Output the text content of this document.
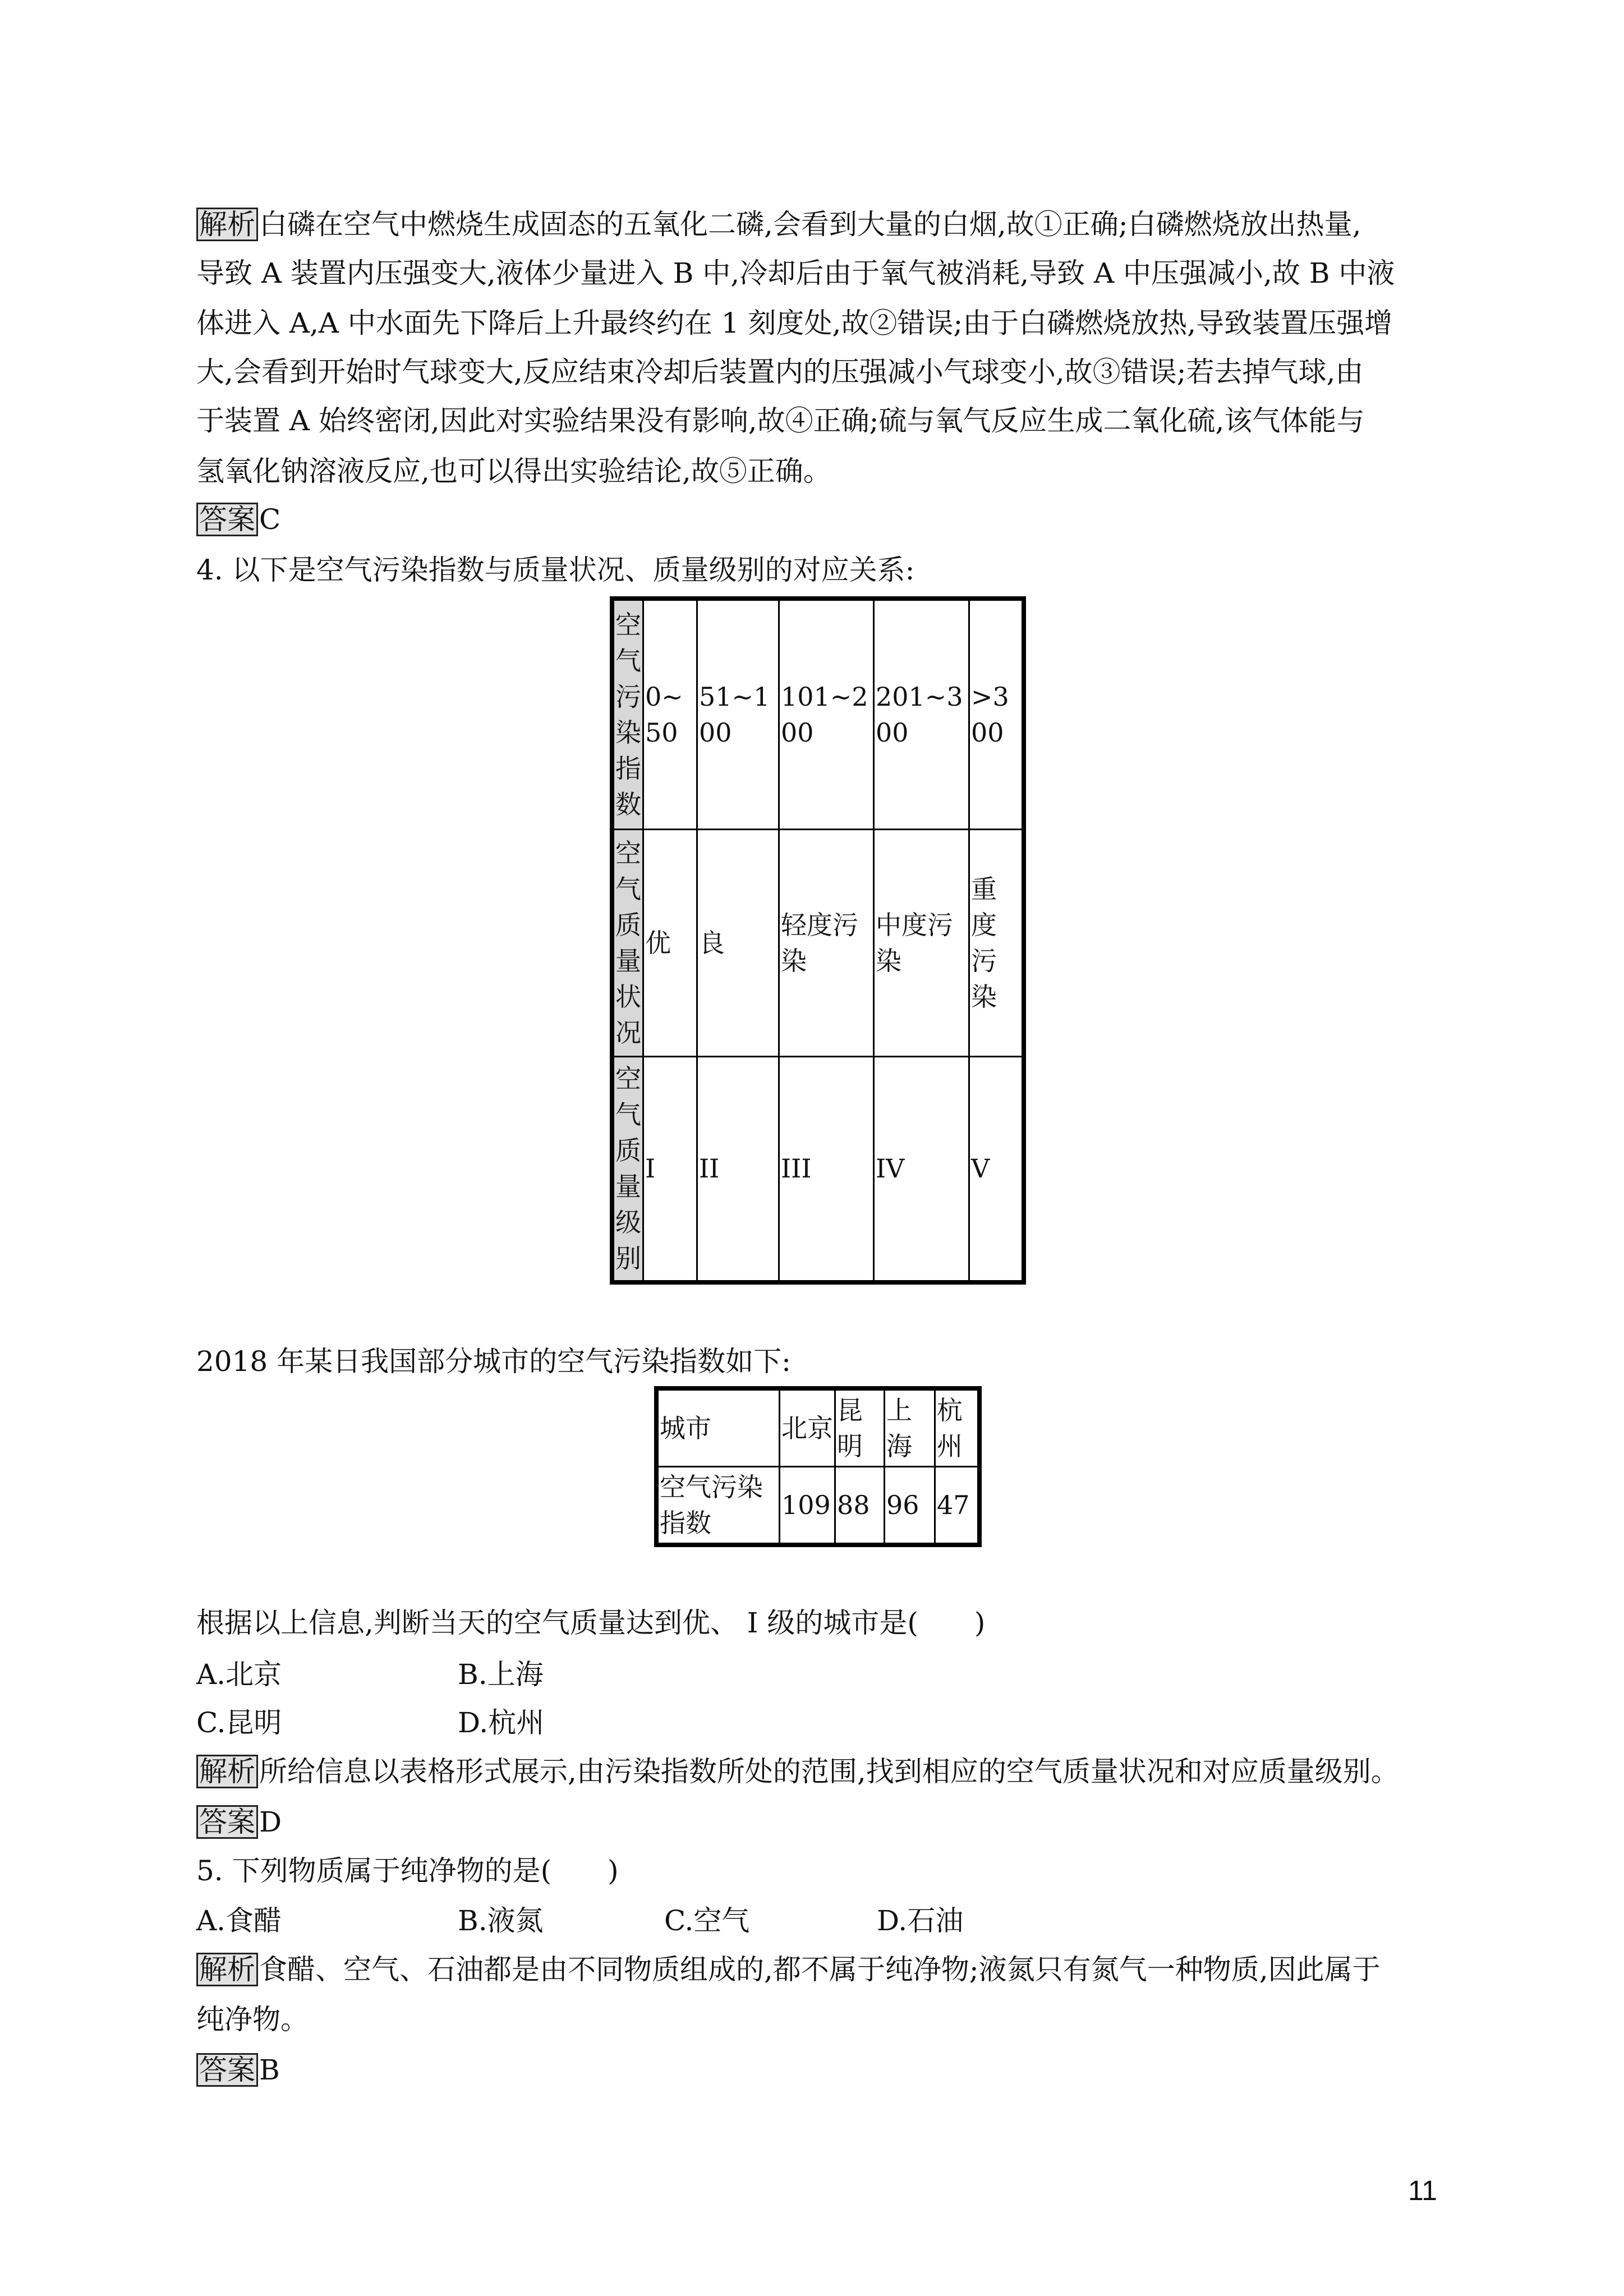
解析 白磷在空气中燃烧生成固态的五氧化二磷,会看到大量的白烟,故①正确;白磷燃烧放出热量,
导致 A 装置内压强变大,液体少量进入 B 中,冷却后由于氧气被消耗,导致 A 中压强减小,故 B 中液
体进入 A,A 中水面先下降后上升最终约在 1 刻度处,故②错误;由于白磷燃烧放热,导致装置压强增
大,会看到开始时气球变大,反应结束冷却后装置内的压强减小气球变小,故③错误;若去掉气球,由
于装置 A 始终密闭,因此对实验结果没有影响,故④正确;硫与氧气反应生成二氧化硫,该气体能与
氢氧化钠溶液反应,也可以得出实验结论,故⑤正确。
答案 C
4. 以下是空气污染指数与质量状况、质量级别的对应关系:
空气污染指数	0~50	51~100	101~200	201~300	>300
空气质量状况	优	良	轻度污染	中度污染	重度污染
空气质量级别	I	II	III	IV	V
2018 年某日我国部分城市的空气污染指数如下:
城市	北京	昆明	上海	杭州
空气污染指数	109	88	96	47
根据以上信息,判断当天的空气质量达到优、 I 级的城市是(　　)
A.北京	B.上海
C.昆明	D.杭州
解析 所给信息以表格形式展示,由污染指数所处的范围,找到相应的空气质量状况和对应质量级别。
答案 D
5. 下列物质属于纯净物的是(　　)
A.食醋	B.液氮	C.空气	D.石油
解析 食醋、空气、石油都是由不同物质组成的,都不属于纯净物;液氮只有氮气一种物质,因此属于
纯净物。
答案 B
11
